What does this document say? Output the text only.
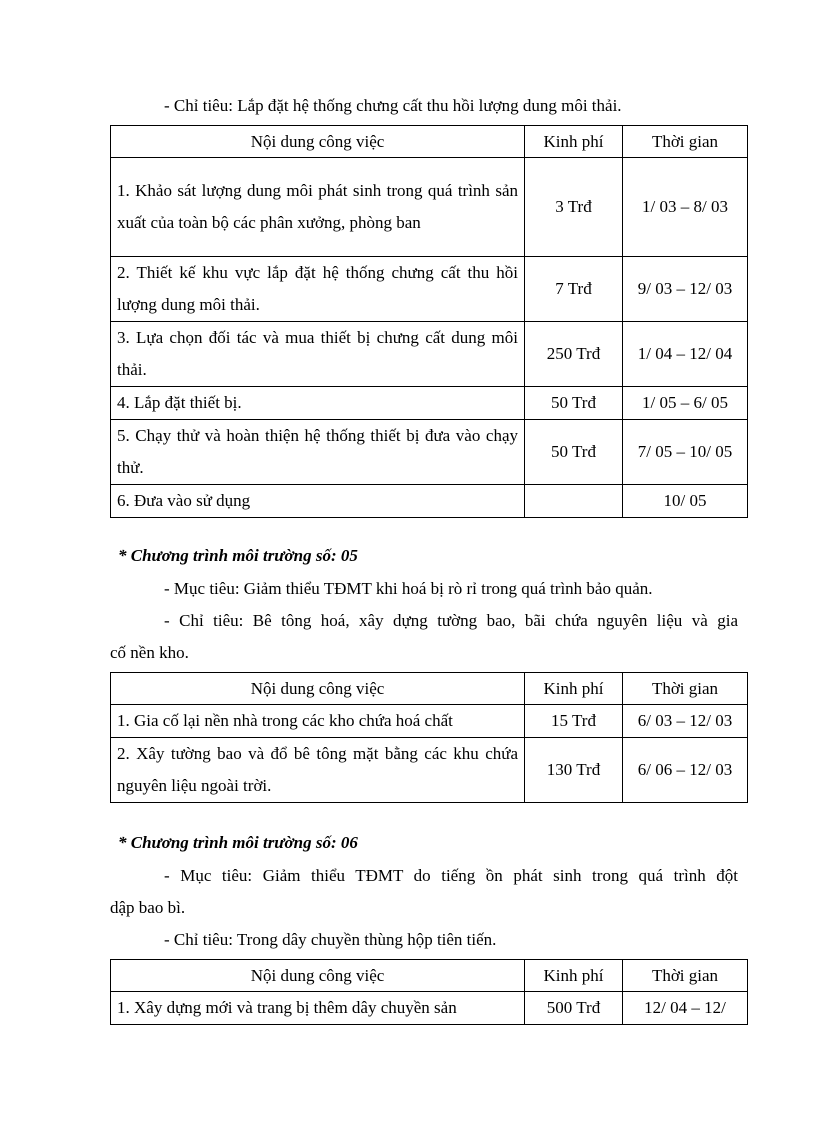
- Chỉ tiêu: Lắp đặt hệ thống chưng cất thu hồi lượng dung môi thải.
Nội dung công việc	Kinh phí	Thời gian
1. Khảo sát lượng dung môi phát sinh trong quá trình sản xuất của toàn bộ các phân xưởng, phòng ban	3 Trđ	1/ 03 – 8/ 03
2. Thiết kế khu vực lắp đặt hệ thống chưng cất thu hồi lượng dung môi thải.	7 Trđ	9/ 03 – 12/ 03
3. Lựa chọn đối tác và mua thiết bị chưng cất dung môi thải.	250 Trđ	1/ 04 – 12/ 04
4. Lắp đặt thiết bị.	50 Trđ	1/ 05 – 6/ 05
5. Chạy thử và hoàn thiện hệ thống thiết bị đưa vào chạy thử.	50 Trđ	7/ 05 – 10/ 05
6. Đưa vào sử dụng		10/ 05
* Chương trình môi trường số: 05
- Mục tiêu: Giảm thiểu TĐMT khi hoá bị rò rỉ trong quá trình bảo quản.
- Chỉ tiêu: Bê tông hoá, xây dựng tường bao, bãi chứa nguyên liệu và gia
cố nền kho.
Nội dung công việc	Kinh phí	Thời gian
1. Gia cố lại nền nhà trong các kho chứa hoá chất	15 Trđ	6/ 03 – 12/ 03
2. Xây tường bao và đổ bê tông mặt bằng các khu chứa nguyên liệu ngoài trời.	130 Trđ	6/ 06 – 12/ 03
* Chương trình môi trường số: 06
- Mục tiêu: Giảm thiểu TĐMT do tiếng ồn phát sinh trong quá trình đột
dập bao bì.
- Chỉ tiêu: Trong dây chuyền thùng hộp tiên tiến.
Nội dung công việc	Kinh phí	Thời gian
1. Xây dựng mới và trang bị thêm dây chuyền sản	500 Trđ	12/ 04 – 12/
